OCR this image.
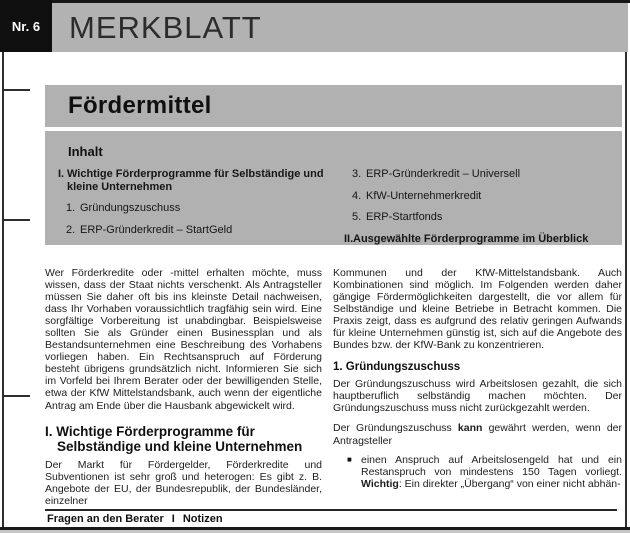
Nr. 6 MERKBLATT
Fördermittel
Inhalt
I. Wichtige Förderprogramme für Selbständige und kleine Unternehmen
1. Gründungszuschuss
2. ERP-Gründerkredit – StartGeld
3. ERP-Gründerkredit – Universell
4. KfW-Unternehmerkredit
5. ERP-Startfonds
II. Ausgewählte Förderprogramme im Überblick

Wer Förderkredite oder -mittel erhalten möchte, muss wissen, dass der Staat nichts verschenkt. Als Antragsteller müssen Sie daher oft bis ins kleinste Detail nachweisen, dass Ihr Vorhaben voraussichtlich tragfähig sein wird. Eine sorgfältige Vorbereitung ist unabdingbar. Beispielsweise sollten Sie als Gründer einen Businessplan und als Bestandsunternehmen eine Beschreibung des Vorhabens vorliegen haben. Ein Rechtsanspruch auf Förderung besteht übrigens grundsätzlich nicht. Informieren Sie sich im Vorfeld bei Ihrem Berater oder der bewilligenden Stelle, etwa der KfW Mittelstandsbank, auch wenn der eigentliche Antrag am Ende über die Hausbank abgewickelt wird.

I. Wichtige Förderprogramme für
Selbständige und kleine Unternehmen

Der Markt für Fördergelder, Förderkredite und Subventionen ist sehr groß und heterogen: Es gibt z. B. Angebote der EU, der Bundesrepublik, der Bundesländer, einzelner

Kommunen und der KfW-Mittelstandsbank. Auch Kombinationen sind möglich. Im Folgenden werden daher gängige Fördermöglichkeiten dargestellt, die vor allem für Selbständige und kleine Betriebe in Betracht kommen. Die Praxis zeigt, dass es aufgrund des relativ geringen Aufwands für kleine Unternehmen günstig ist, sich auf die Angebote des Bundes bzw. der KfW-Bank zu konzentrieren.

1. Gründungszuschuss

Der Gründungszuschuss wird Arbeitslosen gezahlt, die sich hauptberuflich selbständig machen möchten. Der Gründungszuschuss muss nicht zurückgezahlt werden.

Der Gründungszuschuss kann gewährt werden, wenn der Antragsteller

■ einen Anspruch auf Arbeitslosengeld hat und ein Restanspruch von mindestens 150 Tagen vorliegt. Wichtig: Ein direkter „Übergang“ von einer nicht abhän-
Fragen an den Berater I Notizen
